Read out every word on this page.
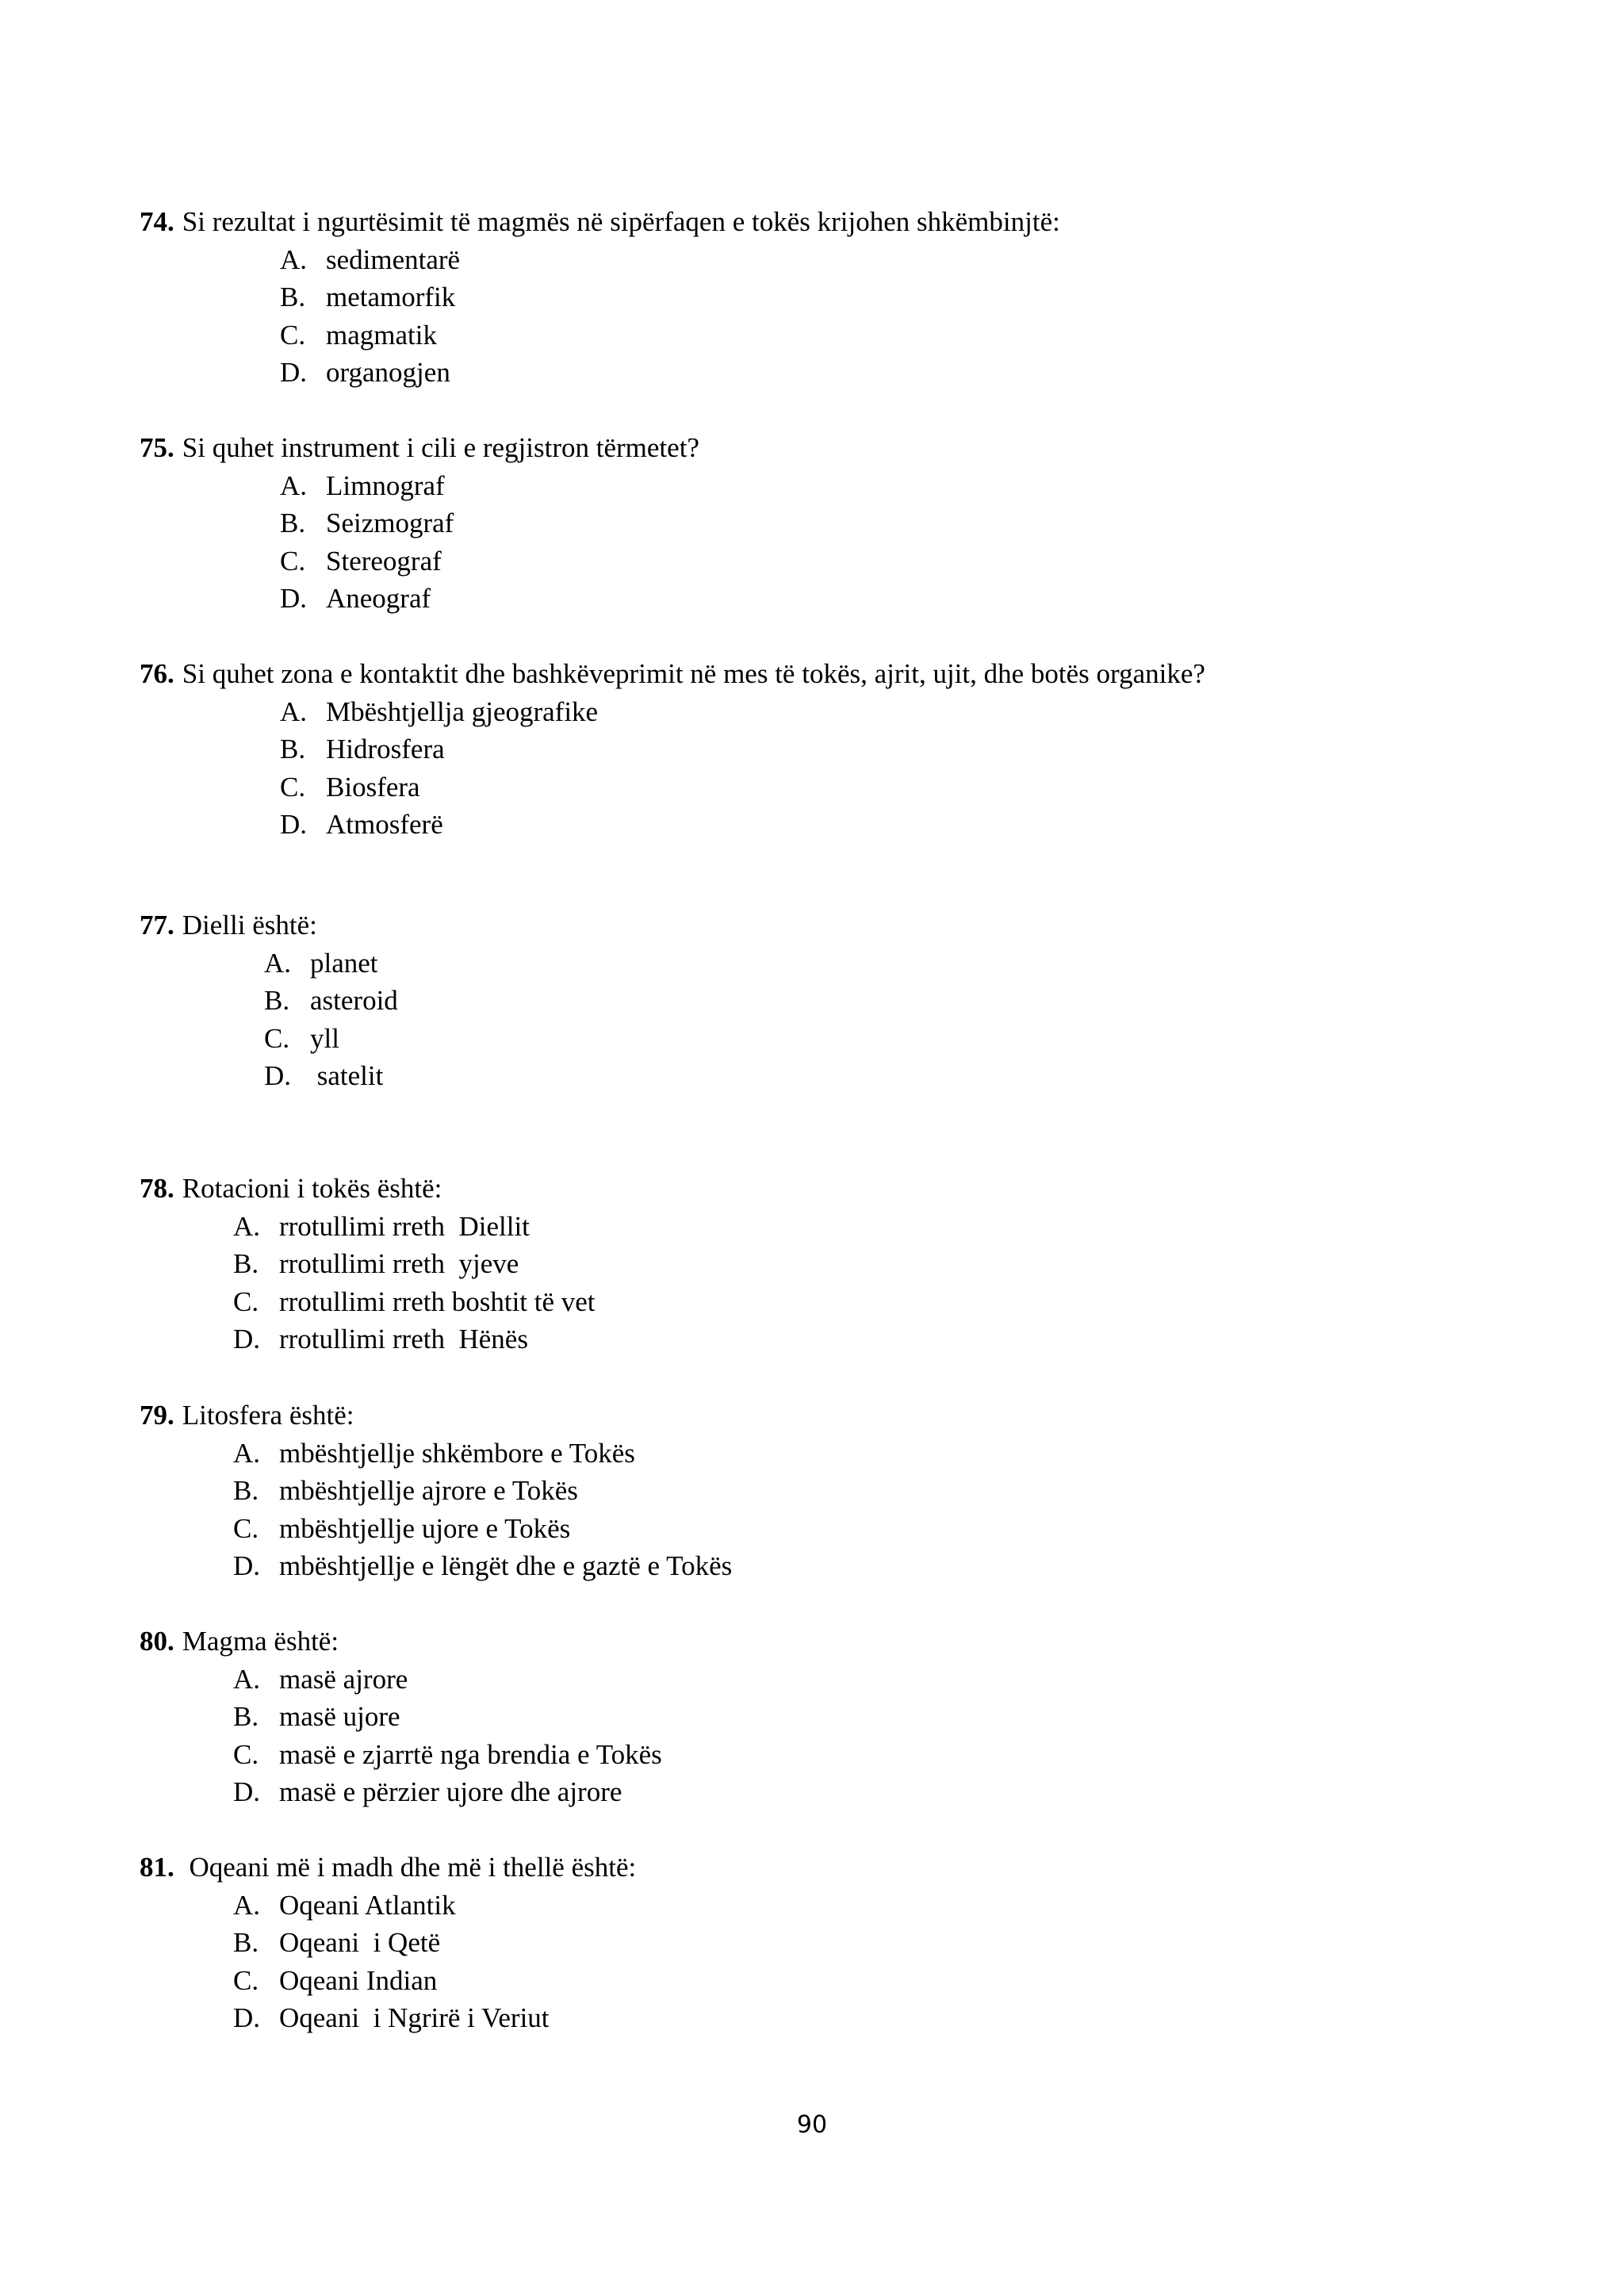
74. Si rezultat i ngurtësimit të magmës në sipërfaqen e tokës krijohen shkëmbinjtë:
A. sedimentarë
B. metamorfik
C. magmatik
D. organogjen
75. Si quhet instrument i cili e regjistron tërmetet?
A. Limnograf
B. Seizmograf
C. Stereograf
D. Aneograf
76. Si quhet zona e kontaktit dhe bashkëveprimit në mes të tokës, ajrit, ujit, dhe botës organike?
A. Mbështjellja gjeografike
B. Hidrosfera
C. Biosfera
D. Atmosferë
77. Dielli është:
A. planet
B. asteroid
C. yll
D. satelit
78. Rotacioni i tokës është:
A. rrotullimi rreth  Diellit
B. rrotullimi rreth  yjeve
C. rrotullimi rreth boshtit të vet
D. rrotullimi rreth  Hënës
79. Litosfera është:
A. mbështjellje shkëmbore e Tokës
B. mbështjellje ajrore e Tokës
C. mbështjellje ujore e Tokës
D. mbështjellje e lëngët dhe e gaztë e Tokës
80. Magma është:
A. masë ajrore
B. masë ujore
C. masë e zjarrtë nga brendia e Tokës
D. masë e përzier ujore dhe ajrore
81. Oqeani më i madh dhe më i thellë është:
A. Oqeani Atlantik
B. Oqeani  i Qetë
C. Oqeani Indian
D. Oqeani  i Ngrirë i Veriut
90
